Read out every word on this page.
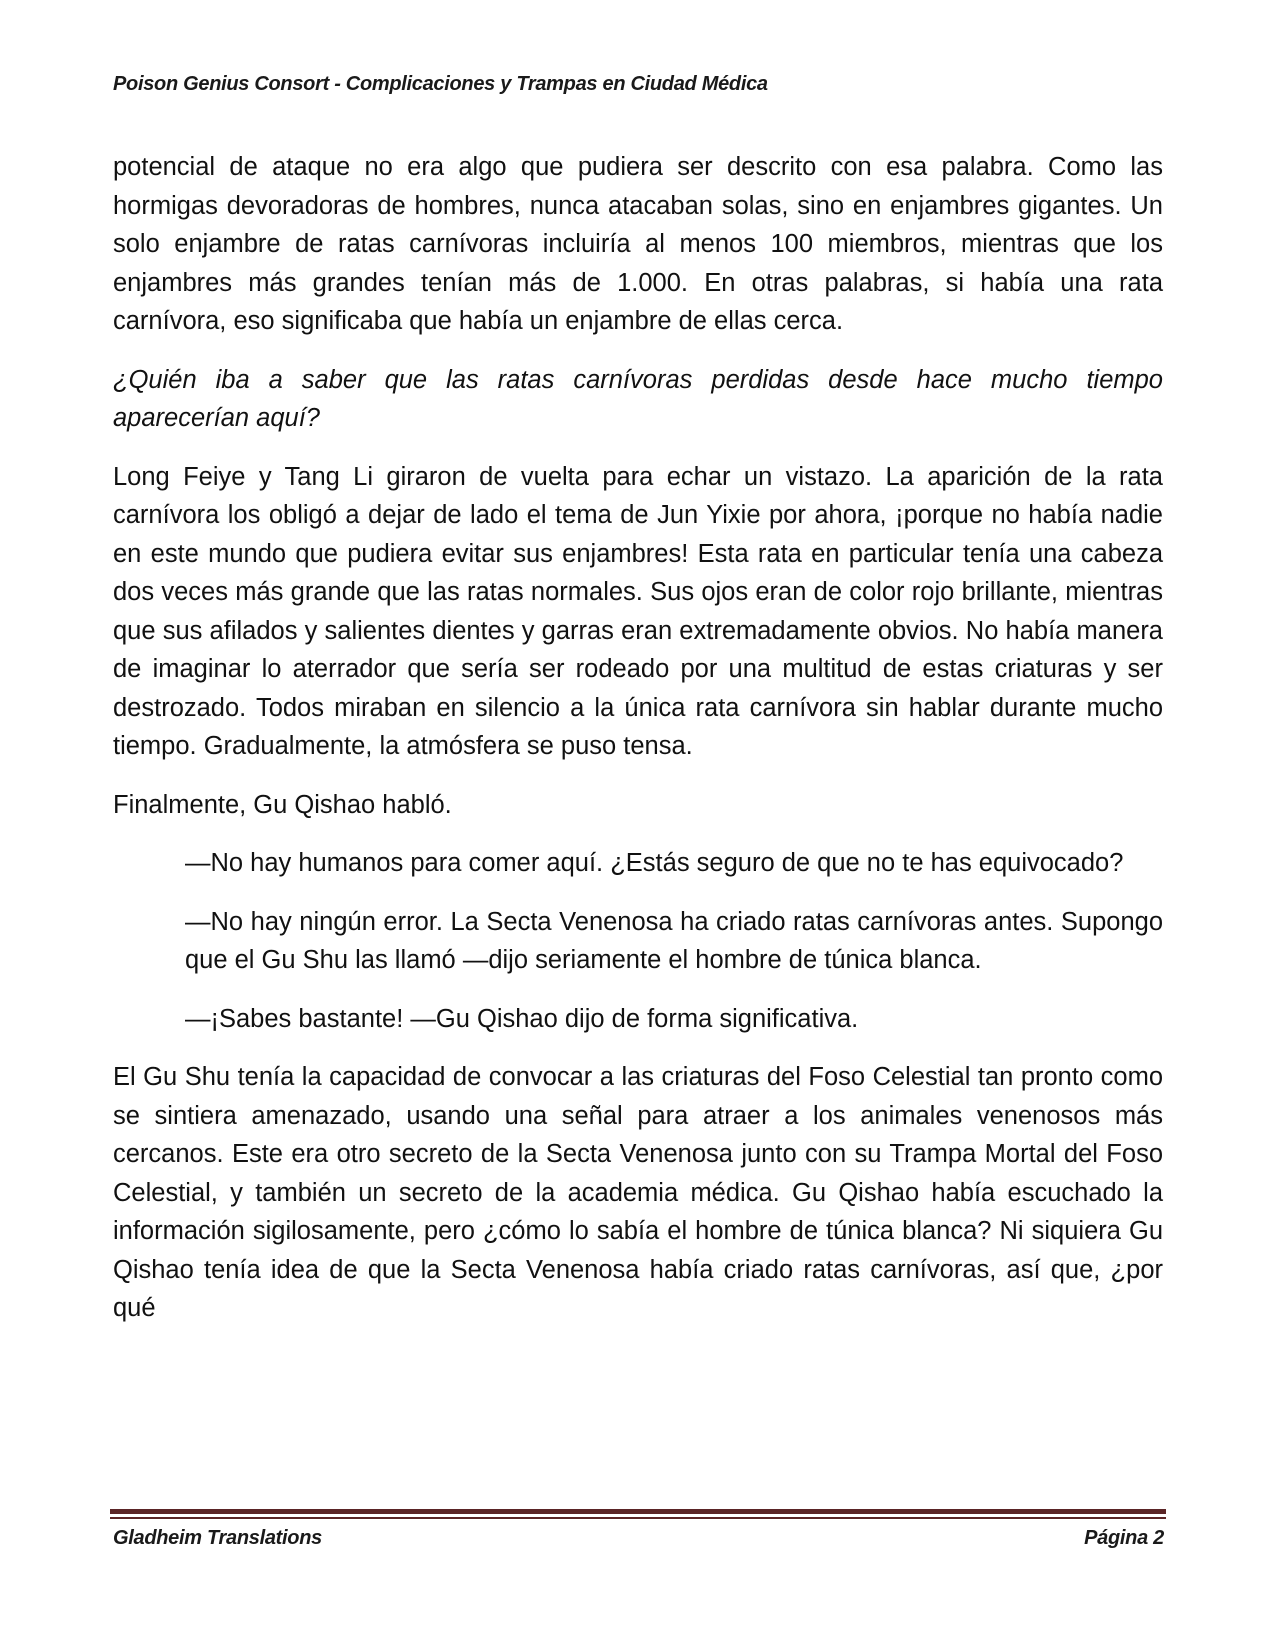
Poison Genius Consort - Complicaciones y Trampas en Ciudad Médica

potencial de ataque no era algo que pudiera ser descrito con esa palabra. Como las hormigas devoradoras de hombres, nunca atacaban solas, sino en enjambres gigantes. Un solo enjambre de ratas carnívoras incluiría al menos 100 miembros, mientras que los enjambres más grandes tenían más de 1.000. En otras palabras, si había una rata carnívora, eso significaba que había un enjambre de ellas cerca.

¿Quién iba a saber que las ratas carnívoras perdidas desde hace mucho tiempo aparecerían aquí?

Long Feiye y Tang Li giraron de vuelta para echar un vistazo. La aparición de la rata carnívora los obligó a dejar de lado el tema de Jun Yixie por ahora, ¡porque no había nadie en este mundo que pudiera evitar sus enjambres! Esta rata en particular tenía una cabeza dos veces más grande que las ratas normales. Sus ojos eran de color rojo brillante, mientras que sus afilados y salientes dientes y garras eran extremadamente obvios. No había manera de imaginar lo aterrador que sería ser rodeado por una multitud de estas criaturas y ser destrozado. Todos miraban en silencio a la única rata carnívora sin hablar durante mucho tiempo. Gradualmente, la atmósfera se puso tensa.

Finalmente, Gu Qishao habló.

—No hay humanos para comer aquí. ¿Estás seguro de que no te has equivocado?

—No hay ningún error. La Secta Venenosa ha criado ratas carnívoras antes. Supongo que el Gu Shu las llamó —dijo seriamente el hombre de túnica blanca.

—¡Sabes bastante! —Gu Qishao dijo de forma significativa.

El Gu Shu tenía la capacidad de convocar a las criaturas del Foso Celestial tan pronto como se sintiera amenazado, usando una señal para atraer a los animales venenosos más cercanos. Este era otro secreto de la Secta Venenosa junto con su Trampa Mortal del Foso Celestial, y también un secreto de la academia médica. Gu Qishao había escuchado la información sigilosamente, pero ¿cómo lo sabía el hombre de túnica blanca? Ni siquiera Gu Qishao tenía idea de que la Secta Venenosa había criado ratas carnívoras, así que, ¿por qué

Gladheim Translations	Página 2
